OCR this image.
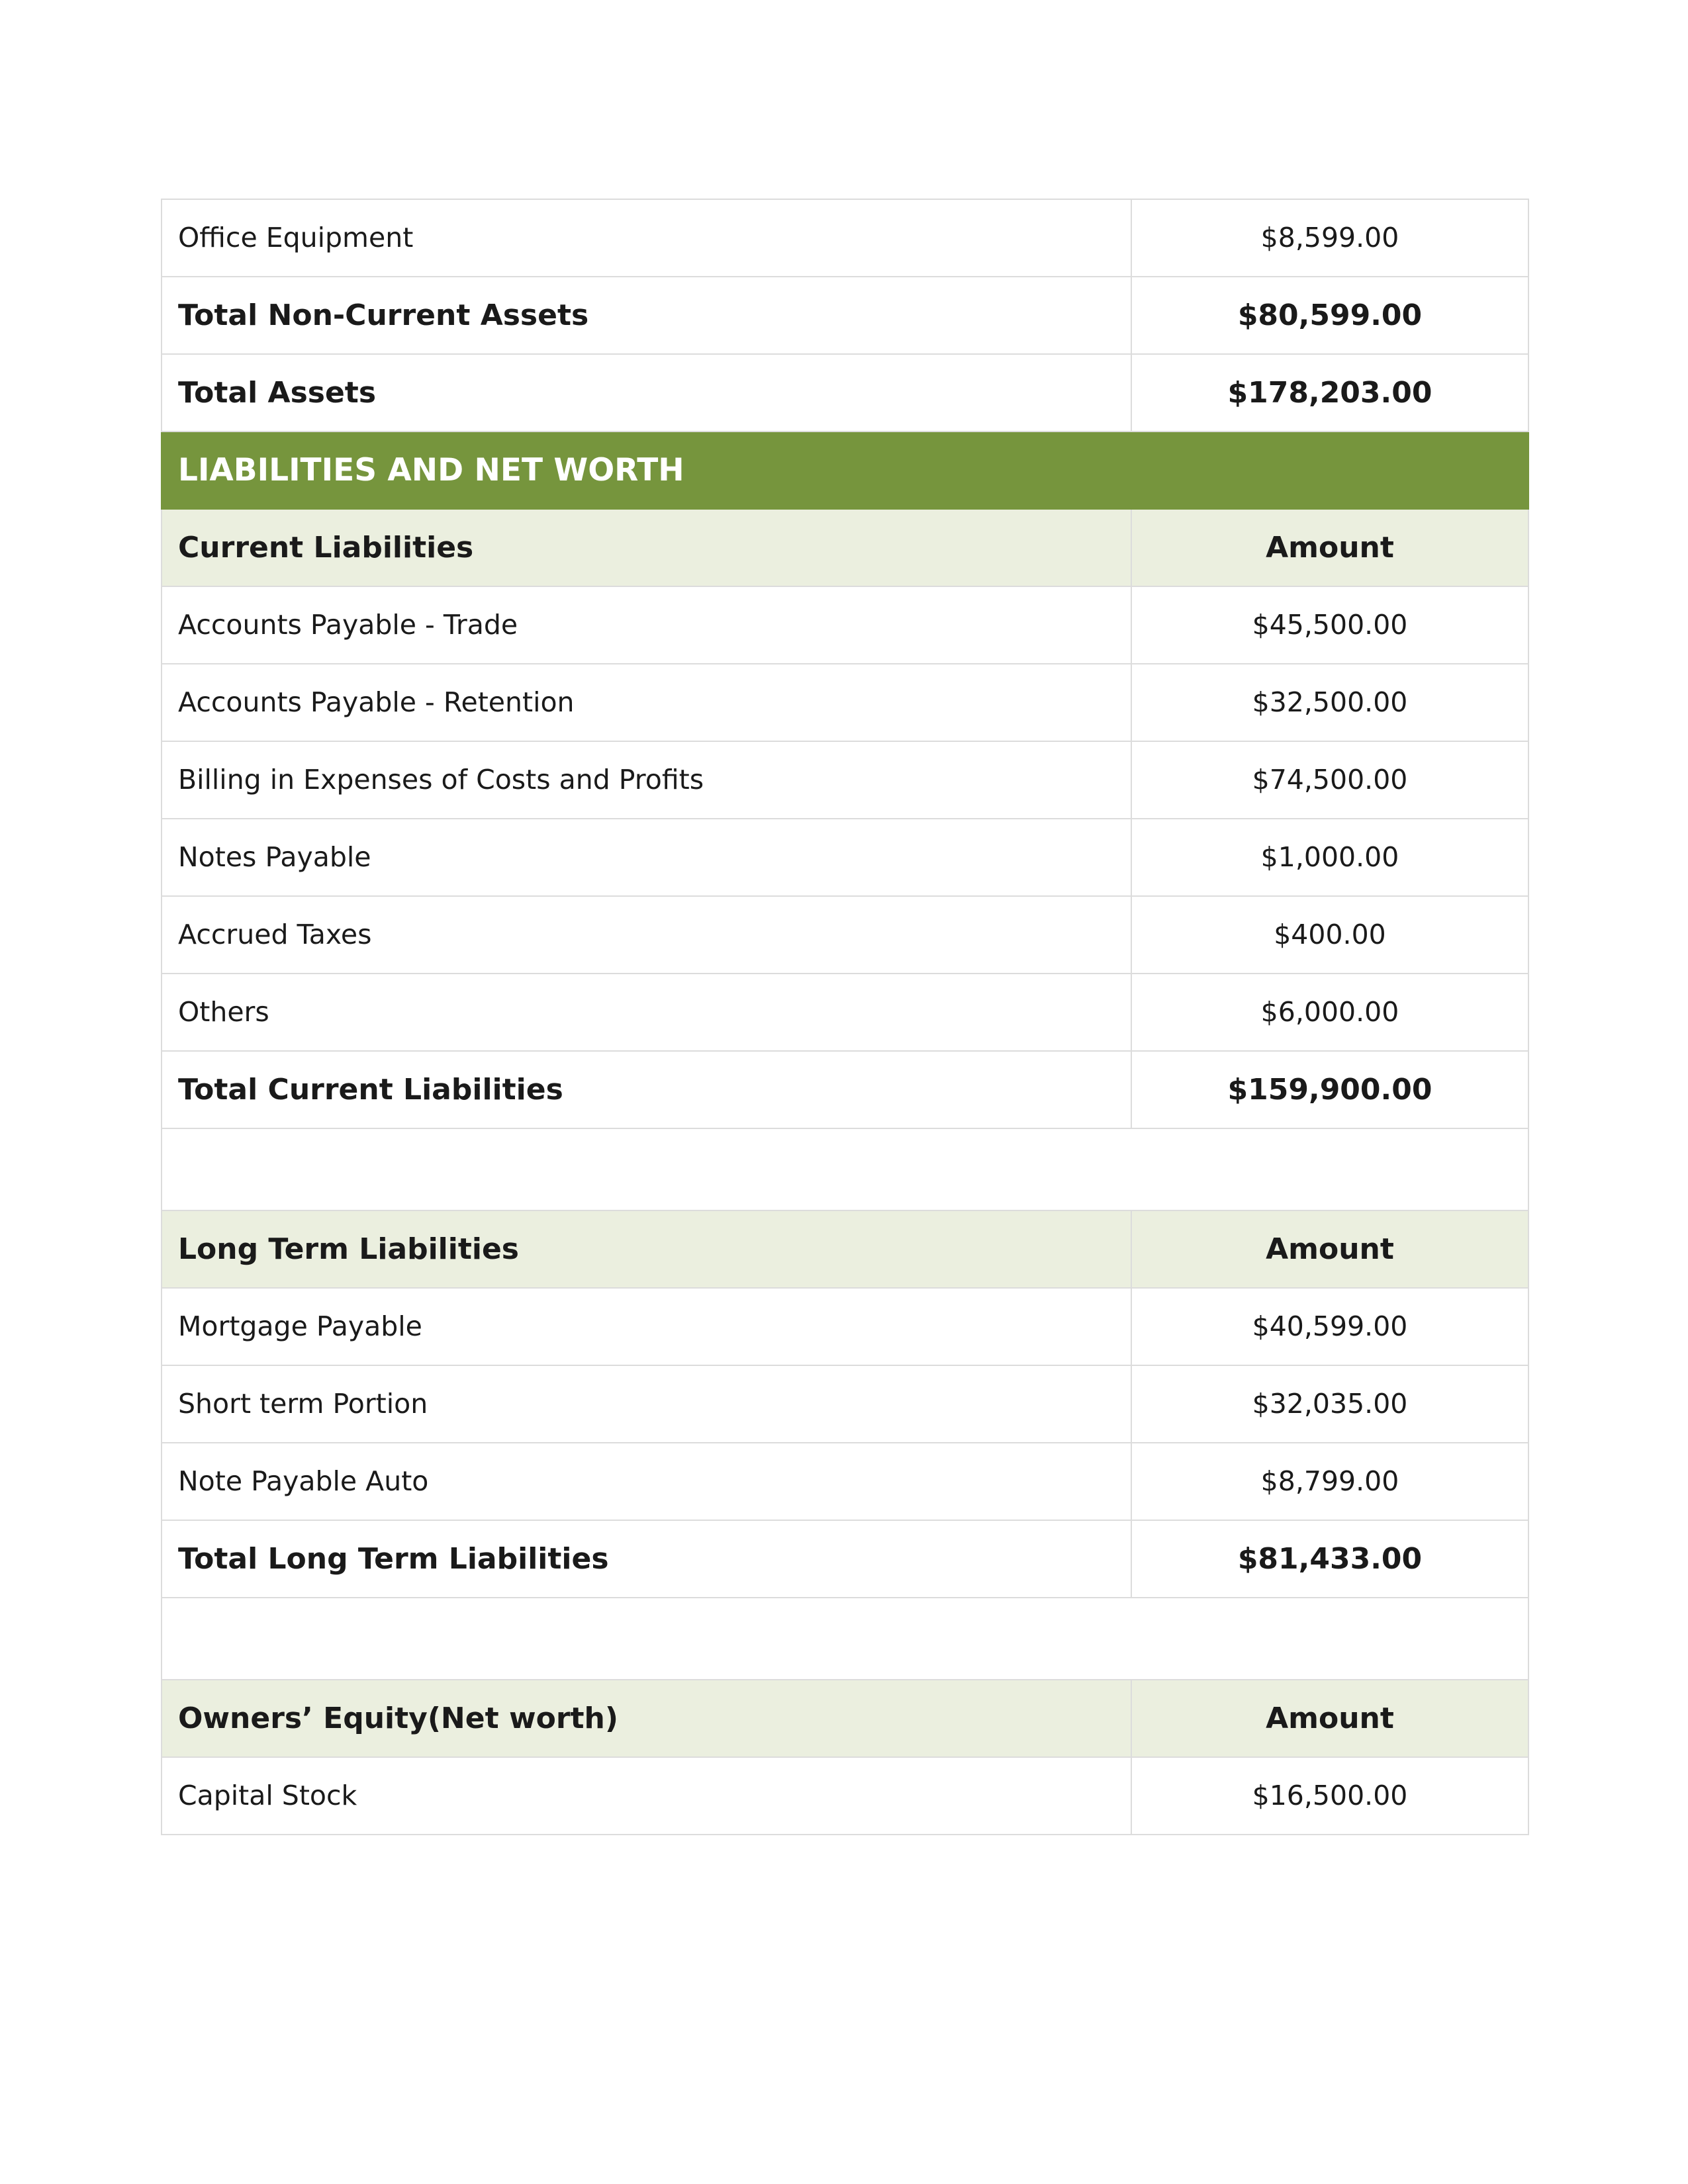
Office Equipment	$8,599.00
Total Non-Current Assets	$80,599.00
Total Assets	$178,203.00
LIABILITIES AND NET WORTH	
Current Liabilities	Amount
Accounts Payable - Trade	$45,500.00
Accounts Payable - Retention	$32,500.00
Billing in Expenses of Costs and Profits	$74,500.00
Notes Payable	$1,000.00
Accrued Taxes	$400.00
Others	$6,000.00
Total Current Liabilities	$159,900.00

Long Term Liabilities	Amount
Mortgage Payable	$40,599.00
Short term Portion	$32,035.00
Note Payable Auto	$8,799.00
Total Long Term Liabilities	$81,433.00

Owners’ Equity(Net worth)	Amount
Capital Stock	$16,500.00
